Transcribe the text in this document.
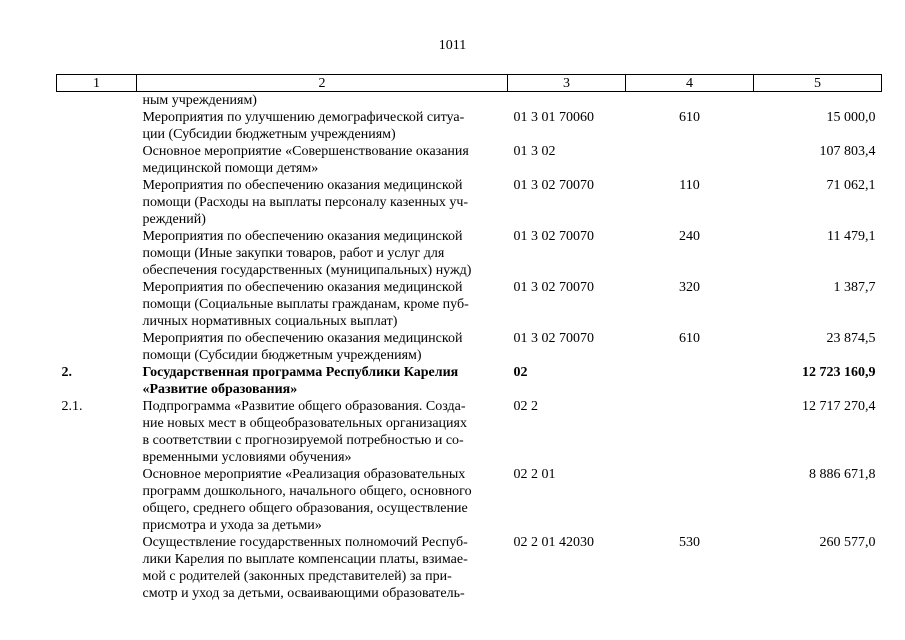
1011
1	2	3	4	5
	ным учреждениям)			
	Мероприятия по улучшению демографической ситуа-
ции (Субсидии бюджетным учреждениям)	01 3 01 70060	610	15 000,0
	Основное мероприятие «Совершенствование оказания
медицинской помощи детям»	01 3 02		107 803,4
	Мероприятия по обеспечению оказания медицинской
помощи (Расходы на выплаты персоналу казенных уч-
реждений)	01 3 02 70070	110	71 062,1
	Мероприятия по обеспечению оказания медицинской
помощи (Иные закупки товаров, работ и услуг для
обеспечения государственных (муниципальных) нужд)	01 3 02 70070	240	11 479,1
	Мероприятия по обеспечению оказания медицинской
помощи (Социальные выплаты гражданам, кроме пуб-
личных нормативных социальных выплат)	01 3 02 70070	320	1 387,7
	Мероприятия по обеспечению оказания медицинской
помощи (Субсидии бюджетным учреждениям)	01 3 02 70070	610	23 874,5
2.	Государственная программа Республики Карелия
«Развитие образования»	02		12 723 160,9
2.1.	Подпрограмма «Развитие общего образования. Созда-
ние новых мест в общеобразовательных организациях
в соответствии с прогнозируемой потребностью и со-
временными условиями обучения»	02 2		12 717 270,4
	Основное мероприятие «Реализация образовательных
программ дошкольного, начального общего, основного
общего, среднего общего образования, осуществление
присмотра и ухода за детьми»	02 2 01		8 886 671,8
	Осуществление государственных полномочий Респуб-
лики Карелия по выплате компенсации платы, взимае-
мой с родителей (законных представителей) за при-
смотр и уход за детьми, осваивающими образователь-	02 2 01 42030	530	260 577,0
